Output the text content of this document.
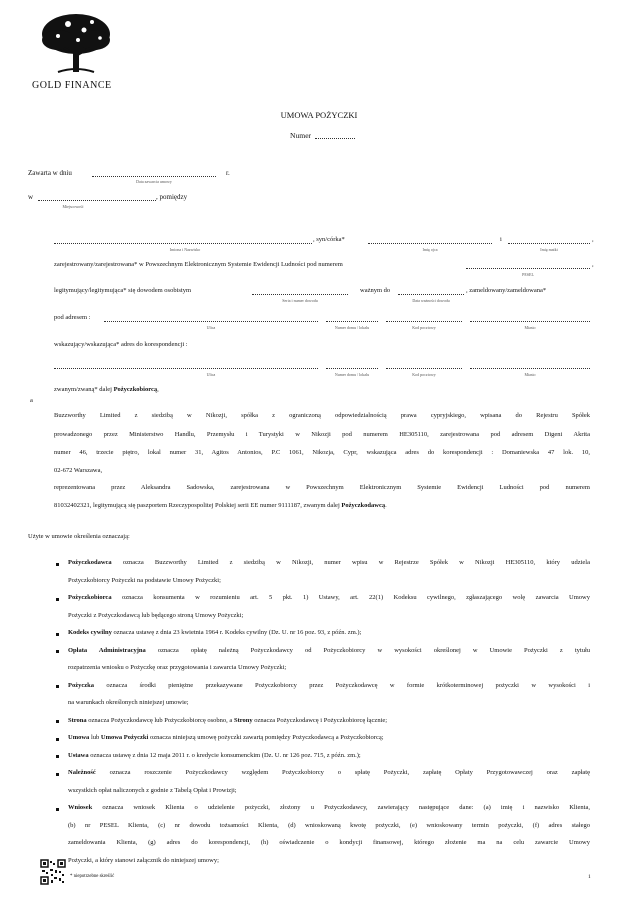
GOLD FINANCE
UMOWA POŻYCZKI
Numer
Zawarta w dniu	r.
Data zawarcia umowy
w	, pomiędzy
Miejscowość
, syn/córka*	i	,
Imiona i Nazwisko	Imię ojca	Imię matki
zarejestrowany/zarejestrowana* w Powszechnym Elektronicznym Systemie Ewidencji Ludności pod numerem	,
PESEL
legitymujący/legitymująca* się dowodem osobistym	ważnym do	, zameldowany/zameldowana*
Seria i numer dowodu	Data ważności dowodu
pod adresem :
Ulica	Numer domu / lokalu	Kod pocztowy	Miasto
wskazujący/wskazująca* adres do korespondencji :
Ulica	Numer domu / lokalu	Kod pocztowy	Miasto
zwanym/zwaną* dalej Pożyczkobiorcą,
a
Buzzworthy Limited z siedzibą w Nikozji, spółka z ograniczoną odpowiedzialnością prawa cypryjskiego, wpisana do Rejestru Spółek
prowadzonego przez Ministerstwo Handlu, Przemysłu i Turystyki w Nikozji pod numerem HE305110, zarejestrowana pod adresem Digeni Akrita
numer 46, trzecie piętro, lokal numer 31, Agitos Antonios, P.C 1061, Nikozja, Cypr, wskazująca adres do korespondencji : Domaniewska 47 lok. 10,
02-672 Warszawa,
reprezentowana przez Aleksandra Sadowska, zarejestrowana w Powszechnym Elektronicznym Systemie Ewidencji Ludności pod numerem
81032402321, legitymującą się paszportem Rzeczypospolitej Polskiej serii EE numer 9111187, zwanym dalej Pożyczkodawcą.
Użyte w umowie określenia oznaczają:
Pożyczkodawca oznacza Buzzworthy Limited z siedzibą w Nikozji, numer wpisu w Rejestrze Spółek w Nikozji HE305110, który udziela
Pożyczkobiorcy Pożyczki na podstawie Umowy Pożyczki;
Pożyczkobiorca oznacza konsumenta w rozumieniu art. 5 pkt. 1) Ustawy, art. 22(1) Kodeksu cywilnego, zgłaszającego wolę zawarcia Umowy
Pożyczki z Pożyczkodawcą lub będącego stroną Umowy Pożyczki;
Kodeks cywilny oznacza ustawę z dnia 23 kwietnia 1964 r. Kodeks cywilny (Dz. U. nr 16 poz. 93, z późn. zm.);
Opłata Administracyjna oznacza opłatę należną Pożyczkodawcy od Pożyczkobiorcy w wysokości określonej w Umowie Pożyczki z tytułu
rozpatrzenia wniosku o Pożyczkę oraz przygotowania i zawarcia Umowy Pożyczki;
Pożyczka oznacza środki pieniężne przekazywane Pożyczkobiorcy przez Pożyczkodawcę w formie krótkoterminowej pożyczki w wysokości i
na warunkach określonych niniejszej umowie;
Strona oznacza Pożyczkodawcę lub Pożyczkobiorcę osobno, a Strony oznacza Pożyczkodawcę i Pożyczkobiorcę łącznie;
Umowa lub Umowa Pożyczki oznacza niniejszą umowę pożyczki zawartą pomiędzy Pożyczkodawcą a Pożyczkobiorcą;
Ustawa oznacza ustawę z dnia 12 maja 2011 r. o kredycie konsumenckim (Dz. U. nr 126 poz. 715, z późn. zm.);
Należność oznacza roszczenie Pożyczkodawcy względem Pożyczkobiorcy o spłatę Pożyczki, zapłatę Opłaty Przygotowawczej oraz zapłatę
wszystkich opłat naliczonych z godnie z Tabelą Opłat i Prowizji;
Wniosek oznacza wniosek Klienta o udzielenie pożyczki, złożony u Pożyczkodawcy, zawierający następujące dane: (a) imię i nazwisko Klienta,
(b) nr PESEL Klienta, (c) nr dowodu tożsamości Klienta, (d) wnioskowaną kwotę pożyczki, (e) wnioskowany termin pożyczki, (f) adres stałego
zameldowania Klienta, (g) adres do korespondencji, (h) oświadczenie o kondycji finansowej, którego złożenie ma na celu zawarcie Umowy
Pożyczki, a który stanowi załącznik do niniejszej umowy;
* niepotrzebne skreślić	1
